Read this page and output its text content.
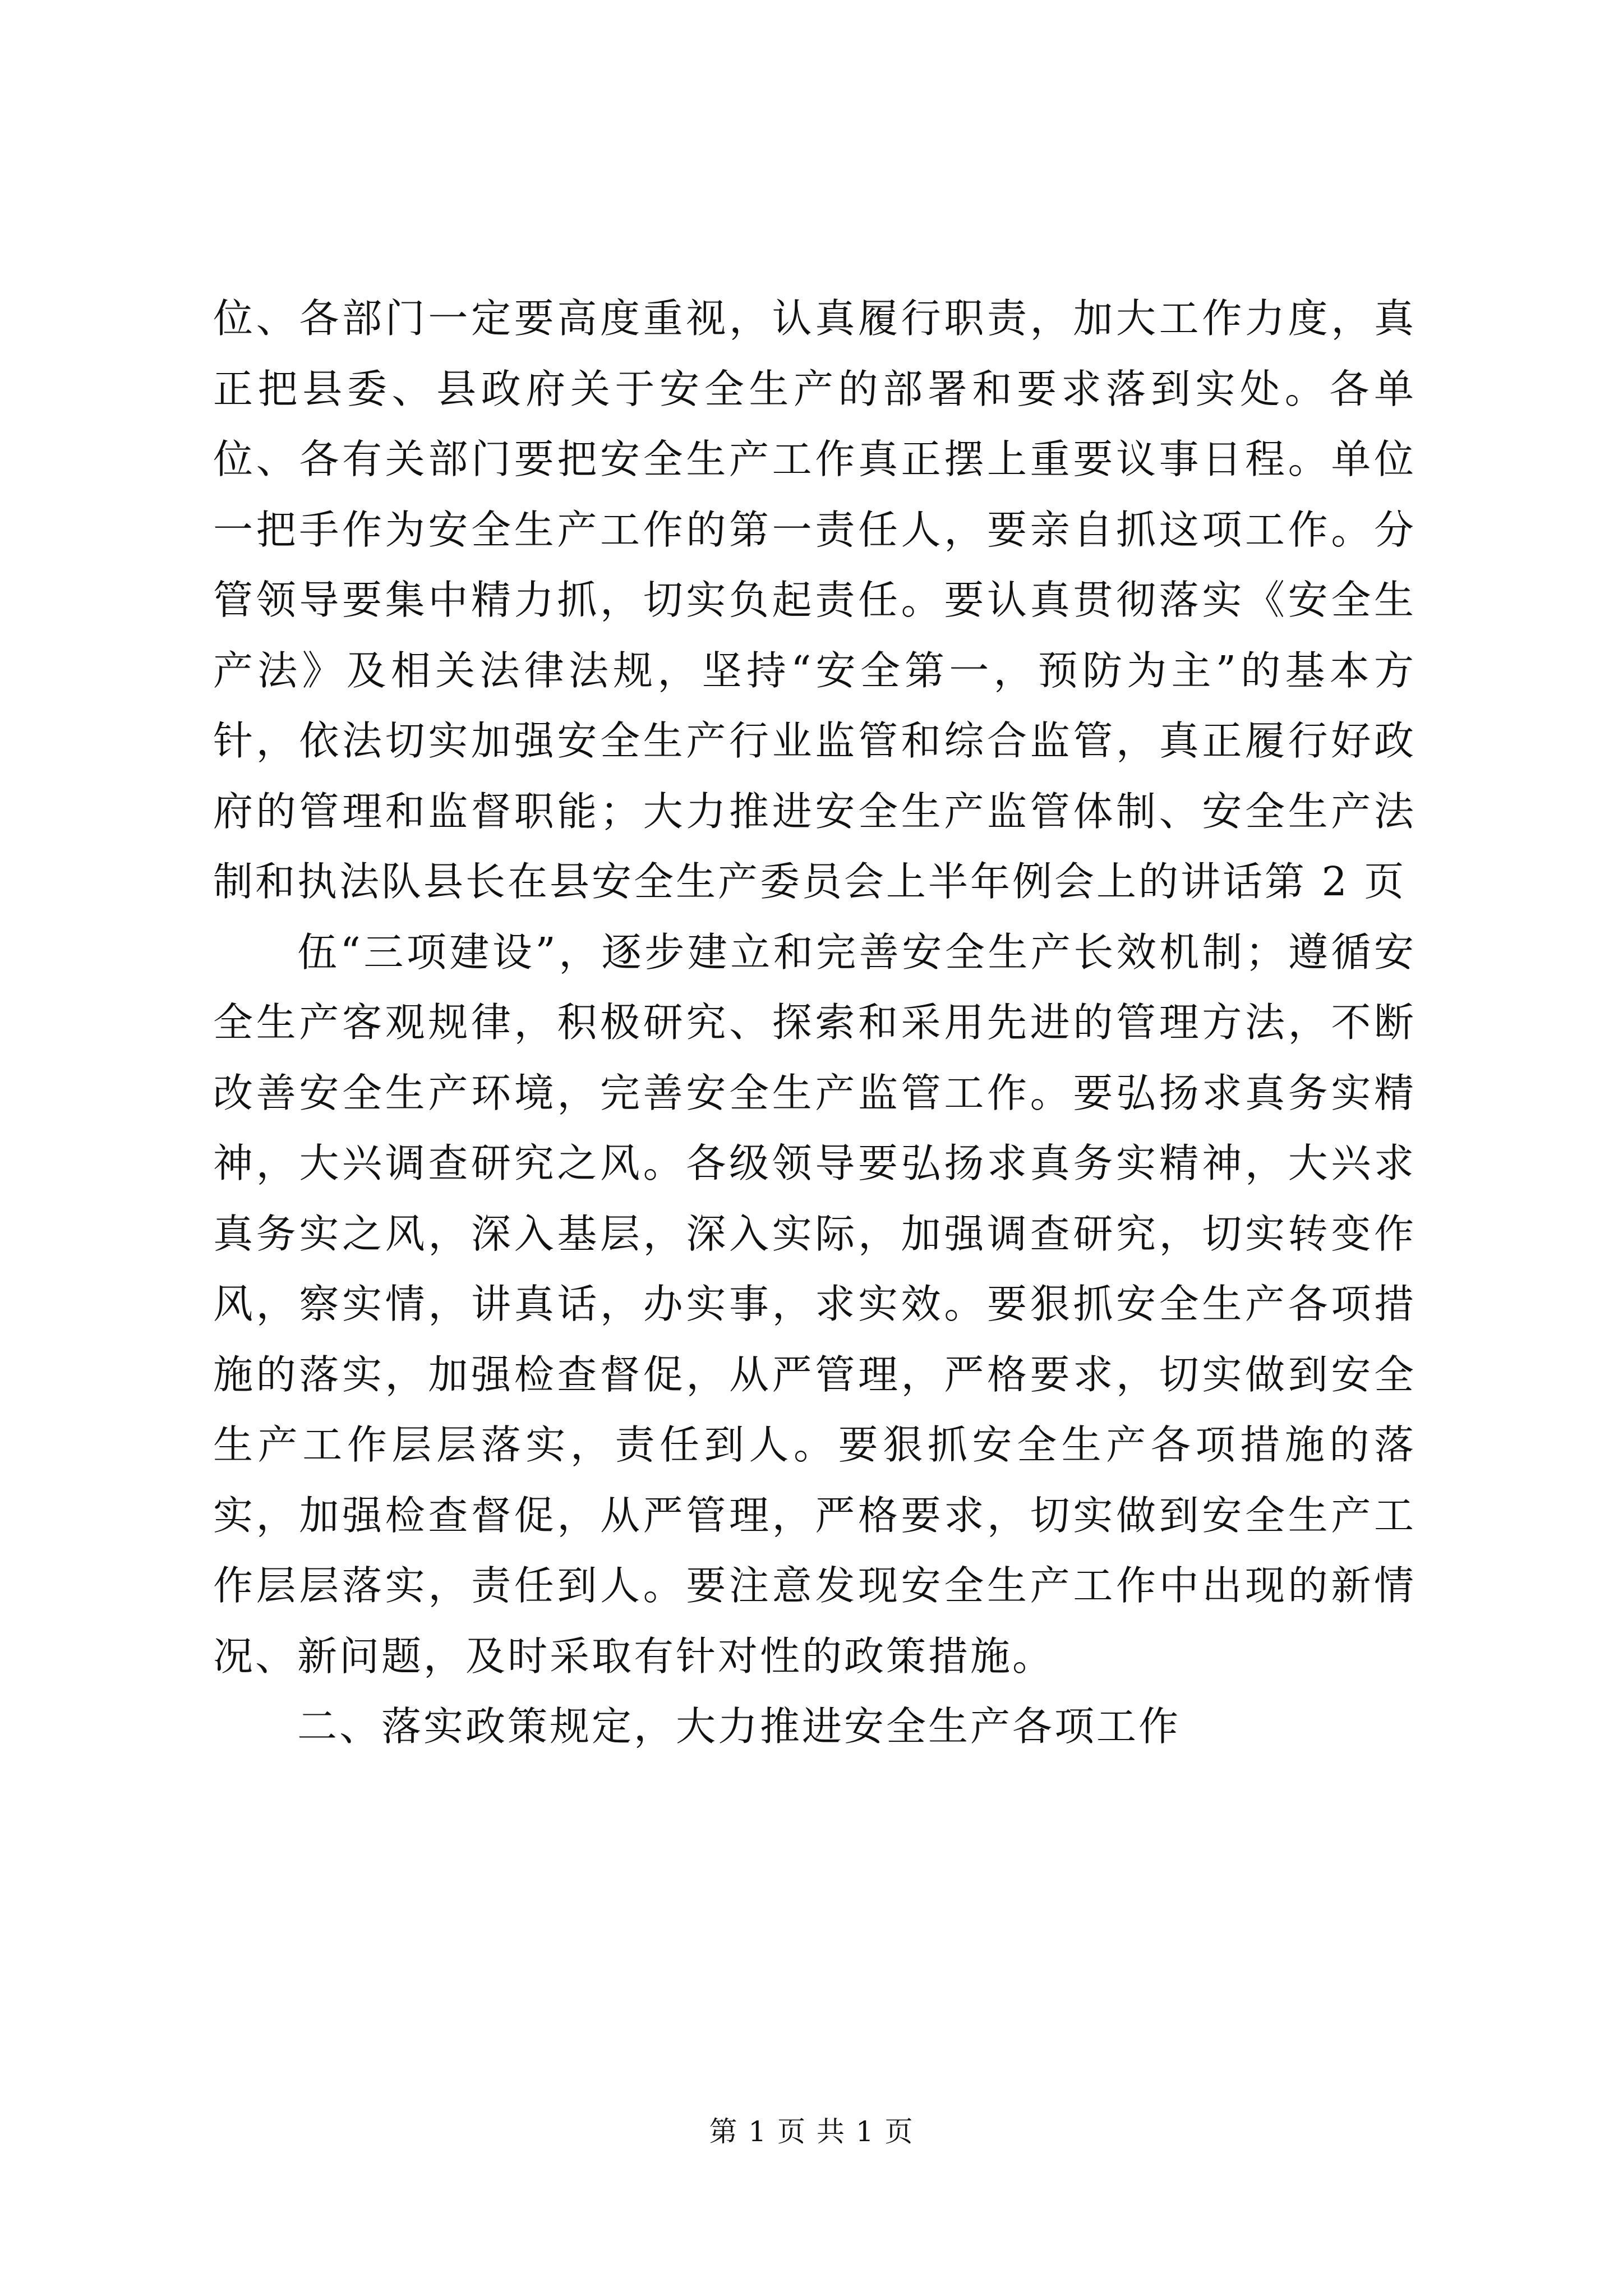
位、各部门一定要高度重视，认真履行职责，加大工作力度，真正把县委、县政府关于安全生产的部署和要求落到实处。各单位、各有关部门要把安全生产工作真正摆上重要议事日程。单位一把手作为安全生产工作的第一责任人，要亲自抓这项工作。分管领导要集中精力抓，切实负起责任。要认真贯彻落实《安全生产法》及相关法律法规，坚持“安全第一，预防为主”的基本方针，依法切实加强安全生产行业监管和综合监管，真正履行好政府的管理和监督职能；大力推进安全生产监管体制、安全生产法制和执法队县长在县安全生产委员会上半年例会上的讲话第 2 页

伍“三项建设”，逐步建立和完善安全生产长效机制；遵循安全生产客观规律，积极研究、探索和采用先进的管理方法，不断改善安全生产环境，完善安全生产监管工作。要弘扬求真务实精神，大兴调查研究之风。各级领导要弘扬求真务实精神，大兴求真务实之风，深入基层，深入实际，加强调查研究，切实转变作风，察实情，讲真话，办实事，求实效。要狠抓安全生产各项措施的落实，加强检查督促，从严管理，严格要求，切实做到安全生产工作层层落实，责任到人。要狠抓安全生产各项措施的落实，加强检查督促，从严管理，严格要求，切实做到安全生产工作层层落实，责任到人。要注意发现安全生产工作中出现的新情况、新问题，及时采取有针对性的政策措施。

二、落实政策规定，大力推进安全生产各项工作

第 1 页 共 1 页
